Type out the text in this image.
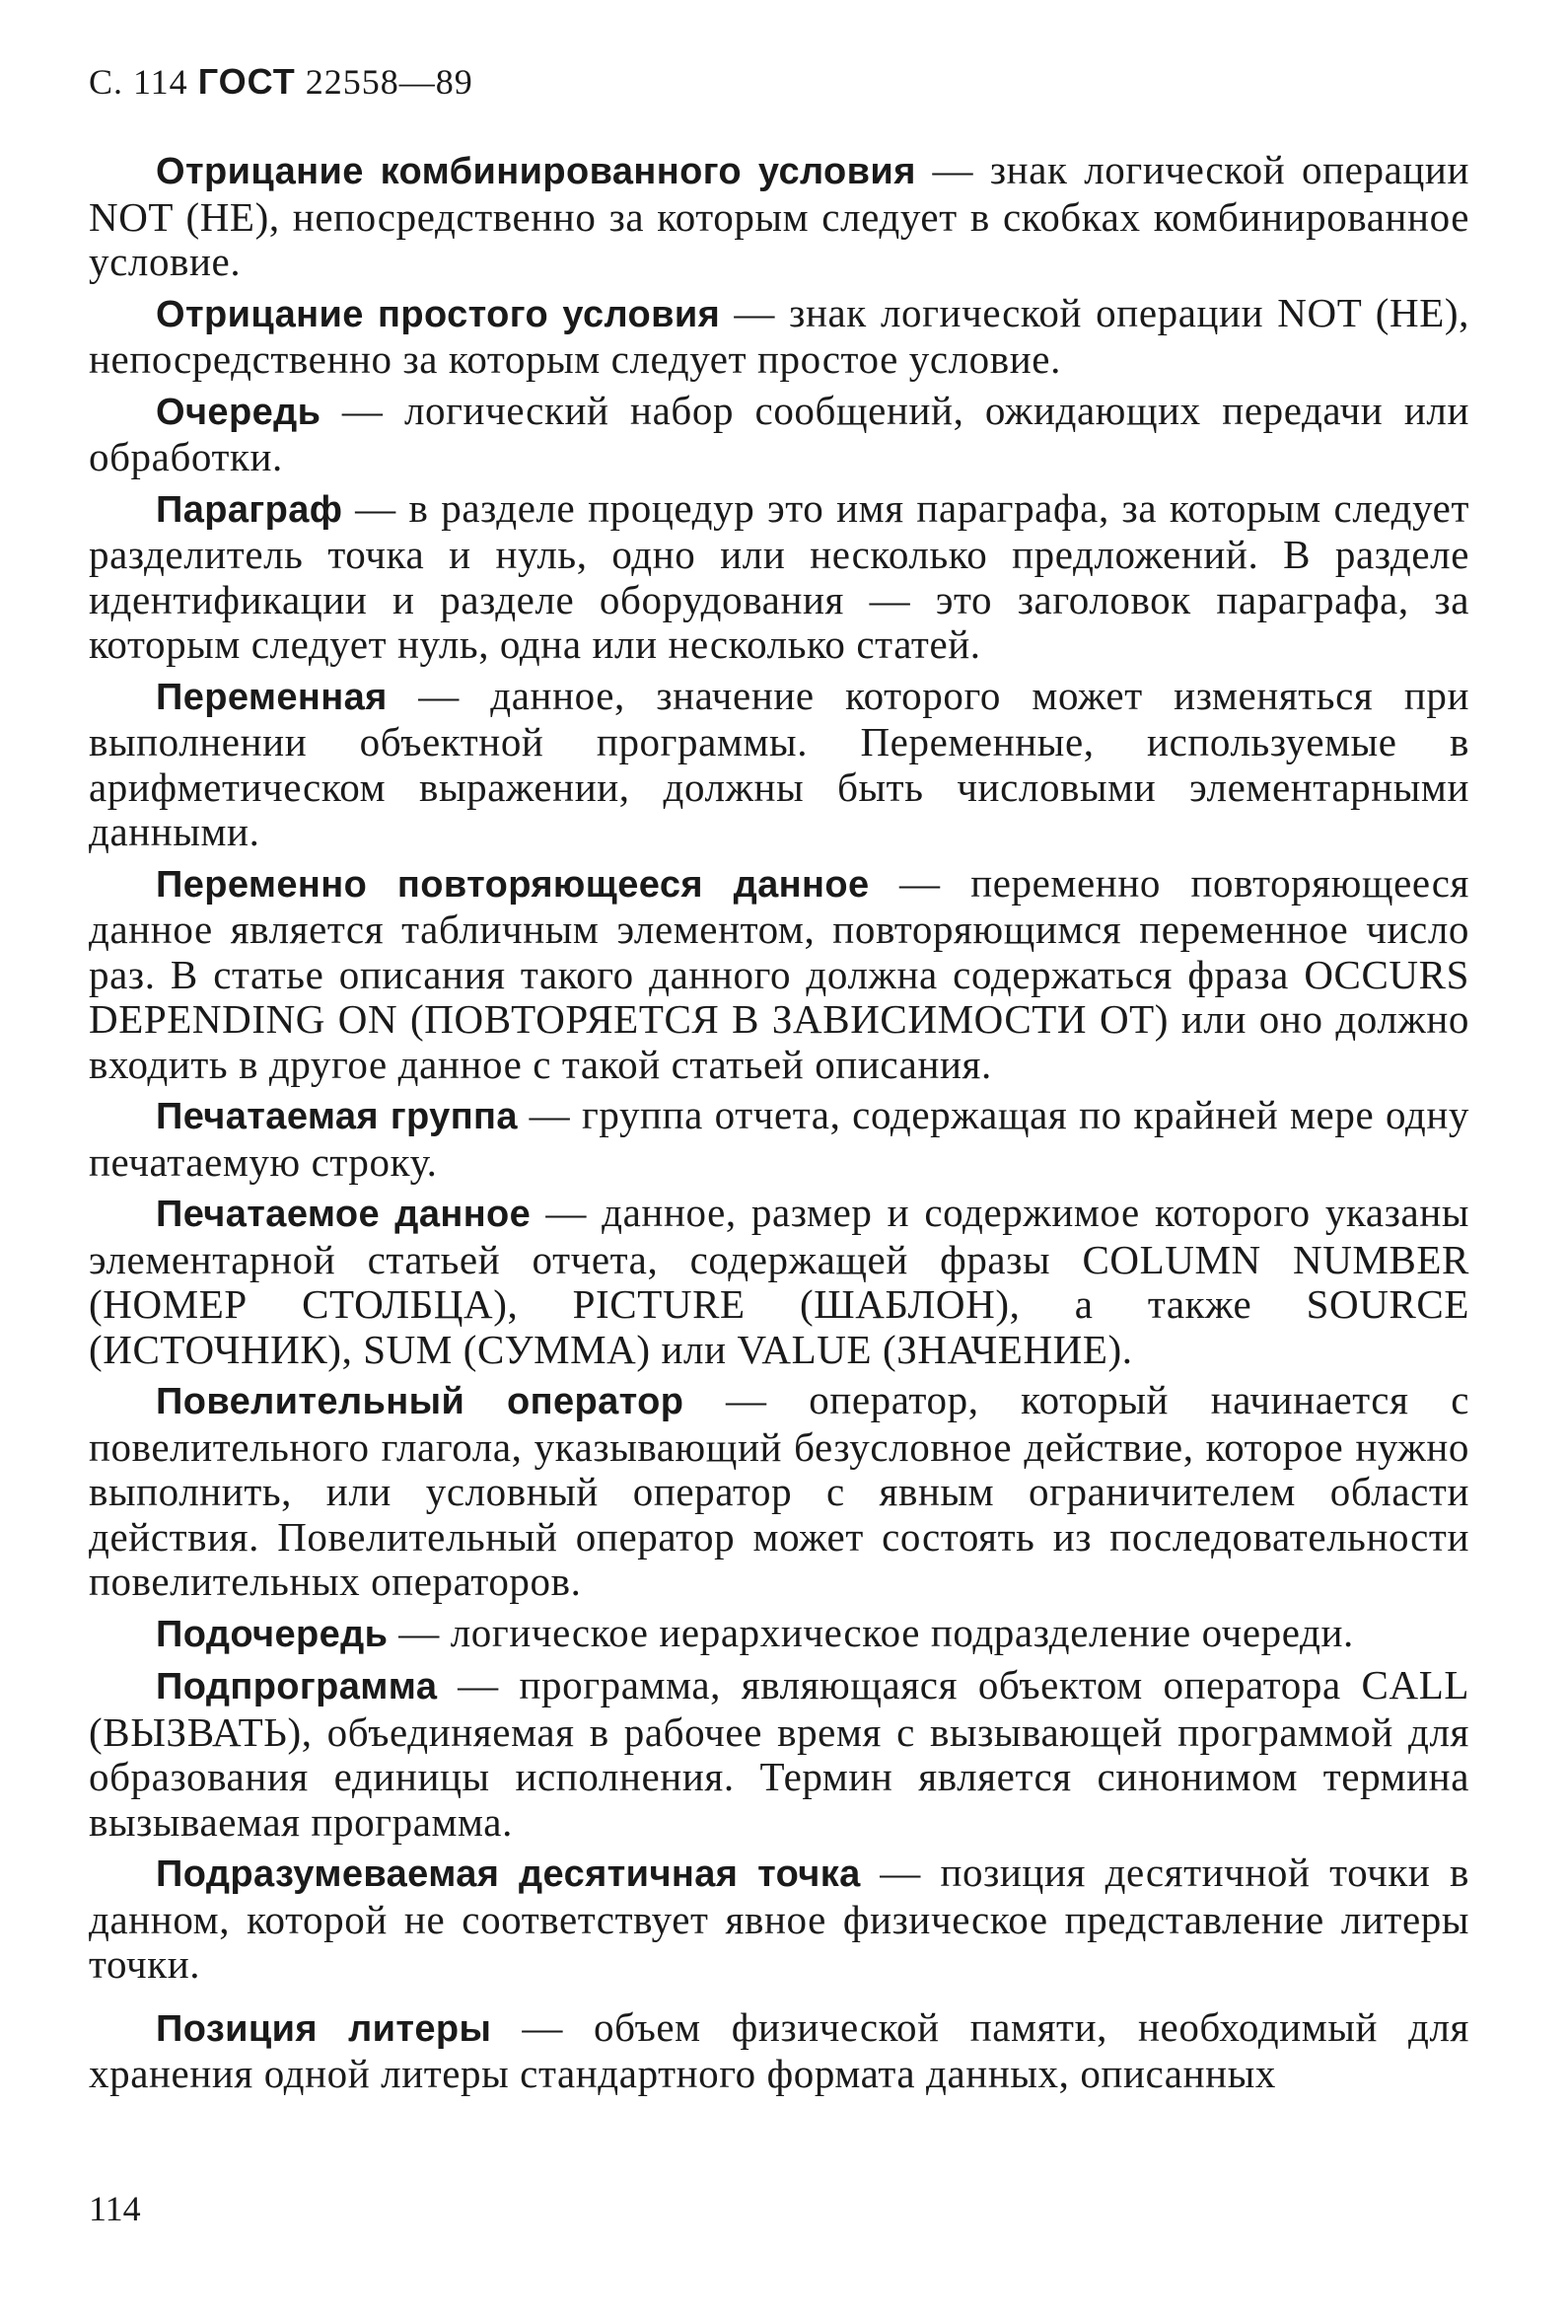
С. 114 ГОСТ 22558—89

Отрицание комбинированного условия — знак логической операции NOT (НЕ), непосредственно за которым следует в скобках комбинированное условие.

Отрицание простого условия — знак логической операции NOT (НЕ), непосредственно за которым следует простое условие.

Очередь — логический набор сообщений, ожидающих передачи или обработки.

Параграф — в разделе процедур это имя параграфа, за которым следует разделитель точка и нуль, одно или несколько предложений. В разделе идентификации и разделе оборудования — это заголовок параграфа, за которым следует нуль, одна или несколько статей.

Переменная — данное, значение которого может изменяться при выполнении объектной программы. Переменные, используемые в арифметическом выражении, должны быть числовыми элементарными данными.

Переменно повторяющееся данное — переменно повторяющееся данное является табличным элементом, повторяющимся переменное число раз. В статье описания такого данного должна содержаться фраза OCCURS DEPENDING ON (ПОВТОРЯЕТСЯ В ЗАВИСИМОСТИ ОТ) или оно должно входить в другое данное с такой статьей описания.

Печатаемая группа — группа отчета, содержащая по крайней мере одну печатаемую строку.

Печатаемое данное — данное, размер и содержимое которого указаны элементарной статьей отчета, содержащей фразы COLUMN NUMBER (НОМЕР СТОЛБЦА), PICTURE (ШАБЛОН), а также SOURCE (ИСТОЧНИК), SUM (СУММА) или VALUE (ЗНАЧЕНИЕ).

Повелительный оператор — оператор, который начинается с повелительного глагола, указывающий безусловное действие, которое нужно выполнить, или условный оператор с явным ограничителем области действия. Повелительный оператор может состоять из последовательности повелительных операторов.

Подочередь — логическое иерархическое подразделение очереди.

Подпрограмма — программа, являющаяся объектом оператора CALL (ВЫЗВАТЬ), объединяемая в рабочее время с вызывающей программой для образования единицы исполнения. Термин является синонимом термина вызываемая программа.

Подразумеваемая десятичная точка — позиция десятичной точки в данном, которой не соответствует явное физическое представление литеры точки.

Позиция литеры — объем физической памяти, необходимый для хранения одной литеры стандартного формата данных, описанных

114
